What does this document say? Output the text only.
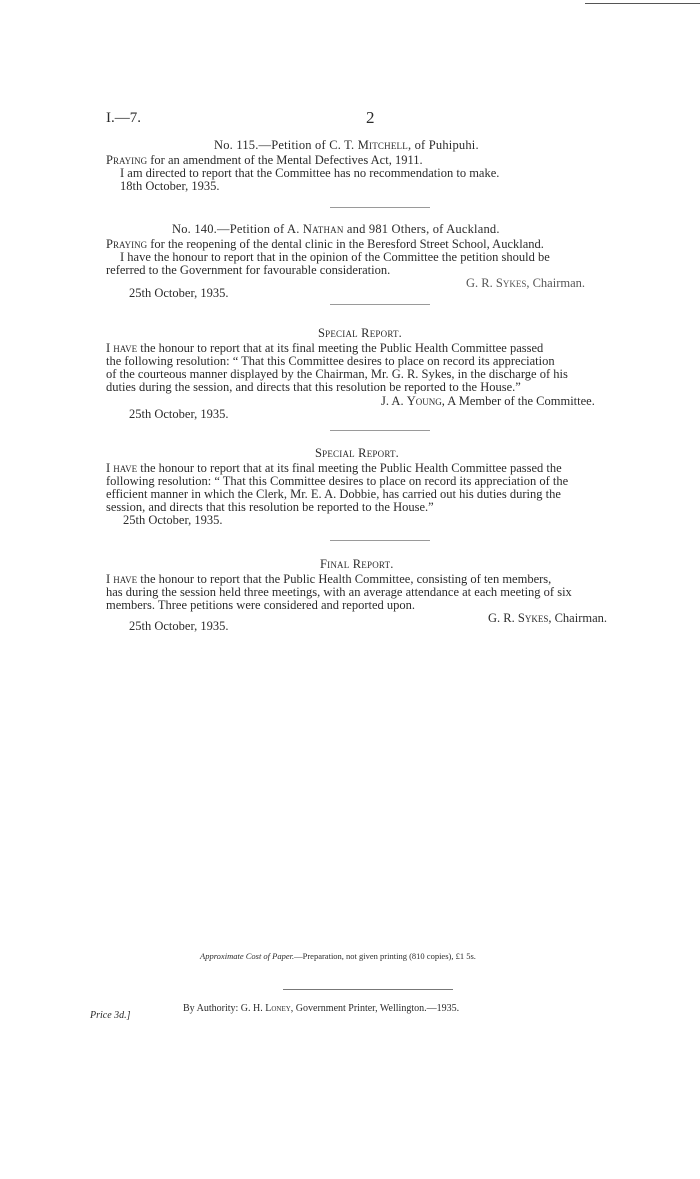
I.—7.	2
No. 115.—Petition of C. T. Mitchell, of Puhipuhi.
Praying for an amendment of the Mental Defectives Act, 1911.
I am directed to report that the Committee has no recommendation to make.
18th October, 1935.
No. 140.—Petition of A. Nathan and 981 Others, of Auckland.
Praying for the reopening of the dental clinic in the Beresford Street School, Auckland.
I have the honour to report that in the opinion of the Committee the petition should be
referred to the Government for favourable consideration.
G. R. Sykes, Chairman.
25th October, 1935.
Special Report.
I have the honour to report that at its final meeting the Public Health Committee passed
the following resolution: “ That this Committee desires to place on record its appreciation
of the courteous manner displayed by the Chairman, Mr. G. R. Sykes, in the discharge of his
duties during the session, and directs that this resolution be reported to the House.”
J. A. Young, A Member of the Committee.
25th October, 1935.
Special Report.
I have the honour to report that at its final meeting the Public Health Committee passed the
following resolution: “ That this Committee desires to place on record its appreciation of the
efficient manner in which the Clerk, Mr. E. A. Dobbie, has carried out his duties during the
session, and directs that this resolution be reported to the House.”
25th October, 1935.
Final Report.
I have the honour to report that the Public Health Committee, consisting of ten members,
has during the session held three meetings, with an average attendance at each meeting of six
members. Three petitions were considered and reported upon.
G. R. Sykes, Chairman.
25th October, 1935.
Approximate Cost of Paper.—Preparation, not given printing (810 copies), £1 5s.
By Authority: G. H. Loney, Government Printer, Wellington.—1935.
Price 3d.]
